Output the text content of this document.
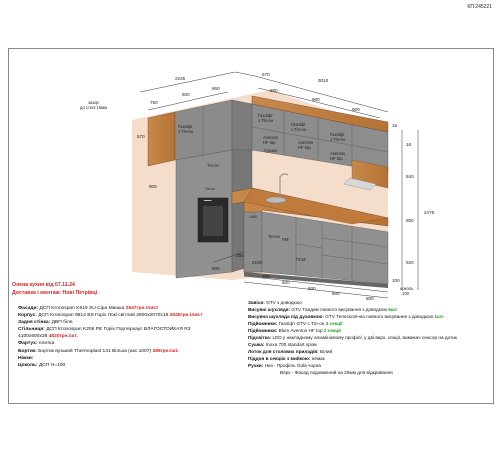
КП 245221
2245
670
3010
750
600
860	860
900
900
зазор до стелі 15мм
570
Газліфт з Тіп-он
▬▬▬
Тіп-он
Тіп-он
900
Газліфт з Тіп-он
Aventos НF top
Газліфт з Тіп-он
Сушка
Aventos НF top
Газліфт з Тіп-он
Aventos НF top
16
16
840
2475
800
920
100
Тіп-он
ПМ
ПСМ
1490
2180
600
600
600
800
265
950
800
цоколь 100
Олена кухня від 07.11.24
Доставка і монтаж: Нові Петрівці
Фасади: ДСП Kronospan K519 SU Сіра Мишка 2547грн./лист
Корпус: ДСП Kronospan 9614 BS Горіх Локі світлий 2800х2070х18 2545грн./лист
Задня стінка: ДВП біле
Стільниця: ДСП Kronospan K206 PE Горіх Портерхаус ВЛАГОСТОЙКАЯ R3
4100х600х38 4520грн./шт.
Фартух: плитка
Бортик: Бортик вузький Thermoplast 141 Вільха (акс.1007) 365грн./шт.
Ніжки:
Цоколь: ДСП Н=100
Завіси: GTV з доводкою
Висувні шухляди: GTV Тандем повного висування з доводкою 6шт.
Висувна шухляда під духовкою: GTV Телескопічна повного висування з доводкою 1шт.
Підйомники: Газліфт GTV с Тіп-он 3 секції
Підйомники: Blum Aventos HF top 2 секції
Підсвітка: LED у накладному алюмінієвому профілі, у дві верх. секції, вимикач сенсор на дотик
Сушка: Inoxa 700 standart хром
Лоток для столових приладів: Білий
Піддон в секцію з мийкою: немає
Ручки: Низ - Профіль Gola чорна
Верх - Фасад подовжений на 20мм для відкривання
